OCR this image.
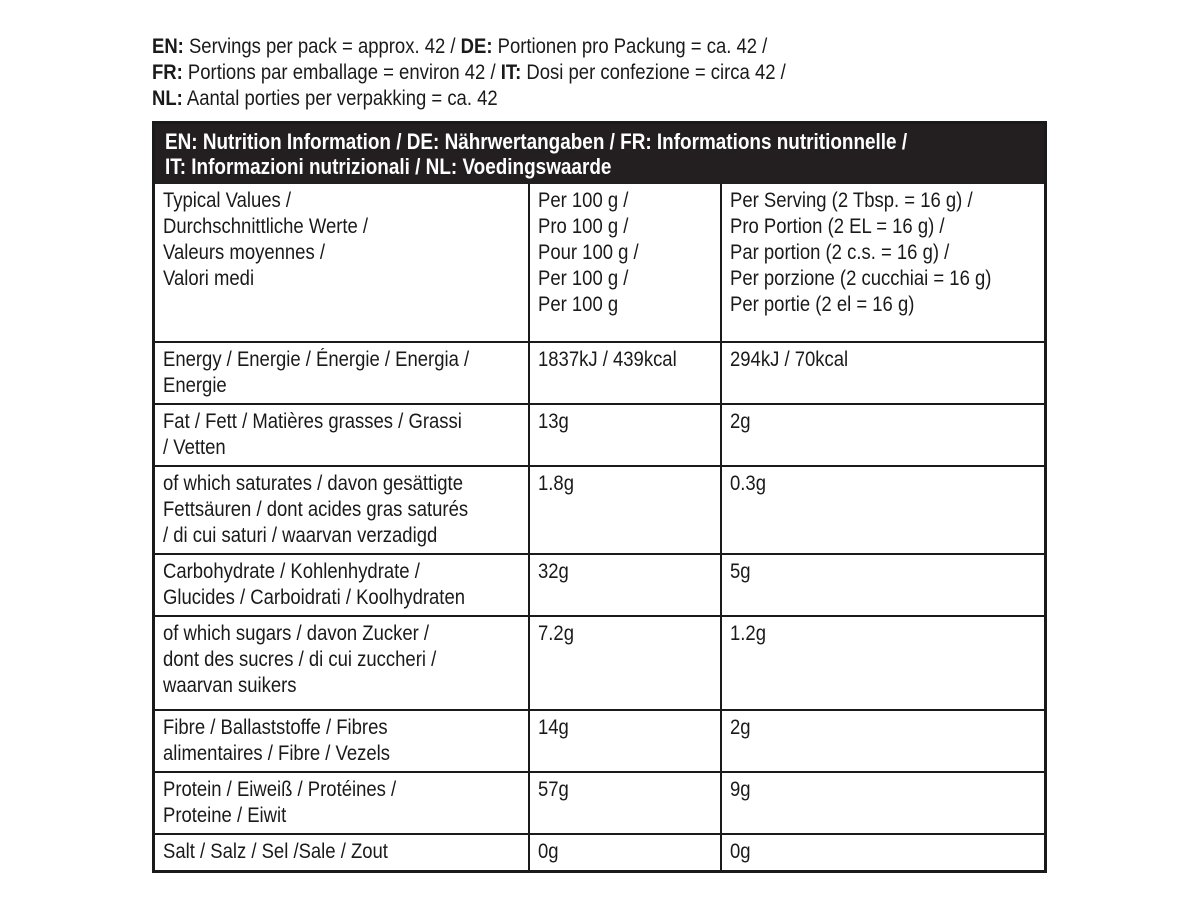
EN: Servings per pack = approx. 42 / DE: Portionen pro Packung = ca. 42 /
FR: Portions par emballage = environ 42 / IT: Dosi per confezione = circa 42 /
NL: Aantal porties per verpakking = ca. 42
EN: Nutrition Information / DE: Nährwertangaben / FR: Informations nutritionnelle /
IT: Informazioni nutrizionali / NL: Voedingswaarde
Typical Values /
Durchschnittliche Werte /
Valeurs moyennes /
Valori medi	Per 100 g /
Pro 100 g /
Pour 100 g /
Per 100 g /
Per 100 g	Per Serving (2 Tbsp. = 16 g) /
Pro Portion (2 EL = 16 g) /
Par portion (2 c.s. = 16 g) /
Per porzione (2 cucchiai = 16 g)
Per portie (2 el = 16 g)

Energy / Energie / Énergie / Energia /
Energie	1837kJ / 439kcal	294kJ / 70kcal

Fat / Fett / Matières grasses / Grassi
/ Vetten	13g	2g

of which saturates / davon gesättigte
Fettsäuren / dont acides gras saturés
/ di cui saturi / waarvan verzadigd	1.8g	0.3g

Carbohydrate / Kohlenhydrate /
Glucides / Carboidrati / Koolhydraten	32g	5g

of which sugars / davon Zucker /
dont des sucres / di cui zuccheri /
waarvan suikers	7.2g	1.2g

Fibre / Ballaststoffe / Fibres
alimentaires / Fibre / Vezels	14g	2g

Protein / Eiweiß / Protéines /
Proteine / Eiwit	57g	9g

Salt / Salz / Sel /Sale / Zout	0g	0g
